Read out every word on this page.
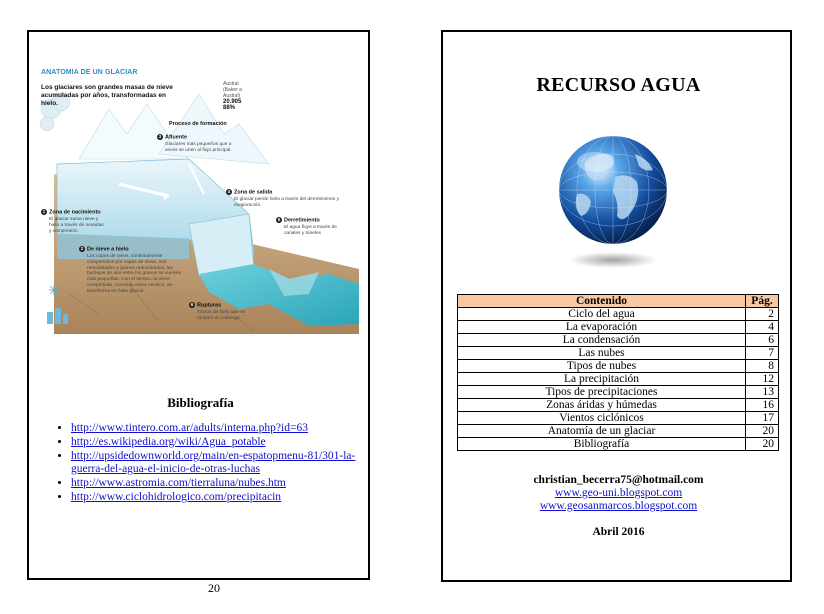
ANATOMIA DE UN GLACIAR
Los glaciares son grandes masas de nieve acumuladas por años, transformadas en hielo.
Austral (Baker a Austral)
20.905
88%
Proceso de formación
3 Afluente
Glaciares más pequeños que a veces se unen al flujo principal.
4 Zona de salida
El glaciar pierde hielo a través del derretimiento y evaporación.
5 Derretimiento
El agua fluye a través de canales y túneles
1 Zona de nacimiento
El glaciar suma nieve y hielo a través de nevadas y compresión.
2 De nieve a hielo
Los copos de nieve, continuamente comprimidos por capas de nieve, son remodelados a granos redondeados; las burbujas de aire entre los granos se vuelven más pequeñas. Con el tiempo, la nieve comprimida, conocida como nevisca, se transforma en hielo glacial.
6 Rupturas
Trozos de hielo que se rompen en icebergs.
Bibliografía
• http://www.tintero.com.ar/adults/interna.php?id=63
• http://es.wikipedia.org/wiki/Agua_potable
• http://upsidedownworld.org/main/en-espatopmenu-81/301-la-guerra-del-agua-el-inicio-de-otras-luchas
• http://www.astromia.com/tierraluna/nubes.htm
• http://www.ciclohidrologico.com/precipitacin
20
RECURSO AGUA
Contenido	Pág.
Ciclo del agua	2
La evaporación	4
La condensación	6
Las nubes	7
Tipos de nubes	8
La precipitación	12
Tipos de precipitaciones	13
Zonas áridas y húmedas	16
Vientos ciclónicos	17
Anatomía de un glaciar	20
Bibliografía	20
christian_becerra75@hotmail.com
www.geo-uni.blogspot.com
www.geosanmarcos.blogspot.com
Abril 2016
